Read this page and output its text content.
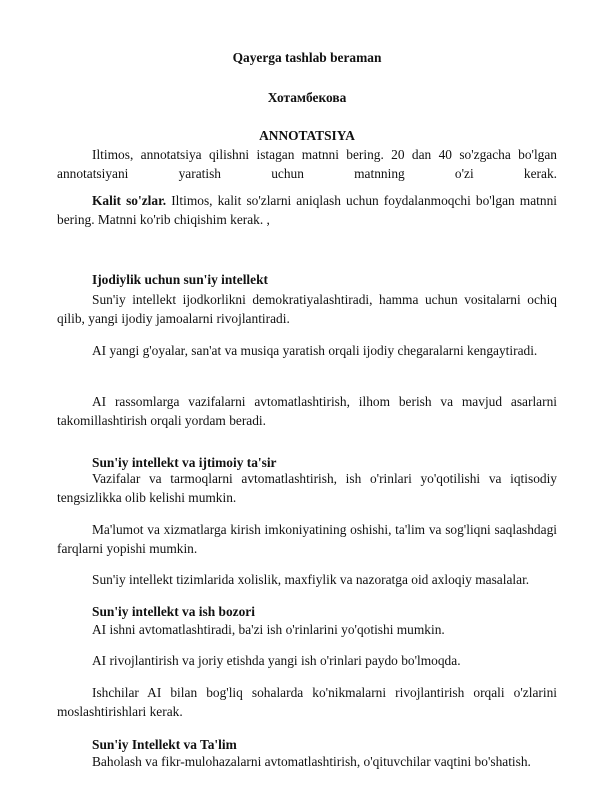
Qayerga tashlab beraman
Хотамбекова
ANNOTATSIYA

Iltimos, annotatsiya qilishni istagan matnni bering. 20 dan 40 so'zgacha bo'lgan annotatsiyani yaratish uchun matnning o'zi kerak.

Kalit so'zlar. Iltimos, kalit so'zlarni aniqlash uchun foydalanmoqchi bo'lgan matnni bering. Matnni ko'rib chiqishim kerak. ,

Ijodiylik uchun sun'iy intellekt

Sun'iy intellekt ijodkorlikni demokratiyalashtiradi, hamma uchun vositalarni ochiq qilib, yangi ijodiy jamoalarni rivojlantiradi.

AI yangi g'oyalar, san'at va musiqa yaratish orqali ijodiy chegaralarni kengaytiradi.

AI rassomlarga vazifalarni avtomatlashtirish, ilhom berish va mavjud asarlarni takomillashtirish orqali yordam beradi.

Sun'iy intellekt va ijtimoiy ta'sir

Vazifalar va tarmoqlarni avtomatlashtirish, ish o'rinlari yo'qotilishi va iqtisodiy tengsizlikka olib kelishi mumkin.

Ma'lumot va xizmatlarga kirish imkoniyatining oshishi, ta'lim va sog'liqni saqlashdagi farqlarni yopishi mumkin.

Sun'iy intellekt tizimlarida xolislik, maxfiylik va nazoratga oid axloqiy masalalar.

Sun'iy intellekt va ish bozori

AI ishni avtomatlashtiradi, ba'zi ish o'rinlarini yo'qotishi mumkin.

AI rivojlantirish va joriy etishda yangi ish o'rinlari paydo bo'lmoqda.

Ishchilar AI bilan bog'liq sohalarda ko'nikmalarni rivojlantirish orqali o'zlarini moslashtirishlari kerak.

Sun'iy Intellekt va Ta'lim

Baholash va fikr-mulohazalarni avtomatlashtirish, o'qituvchilar vaqtini bo'shatish.
